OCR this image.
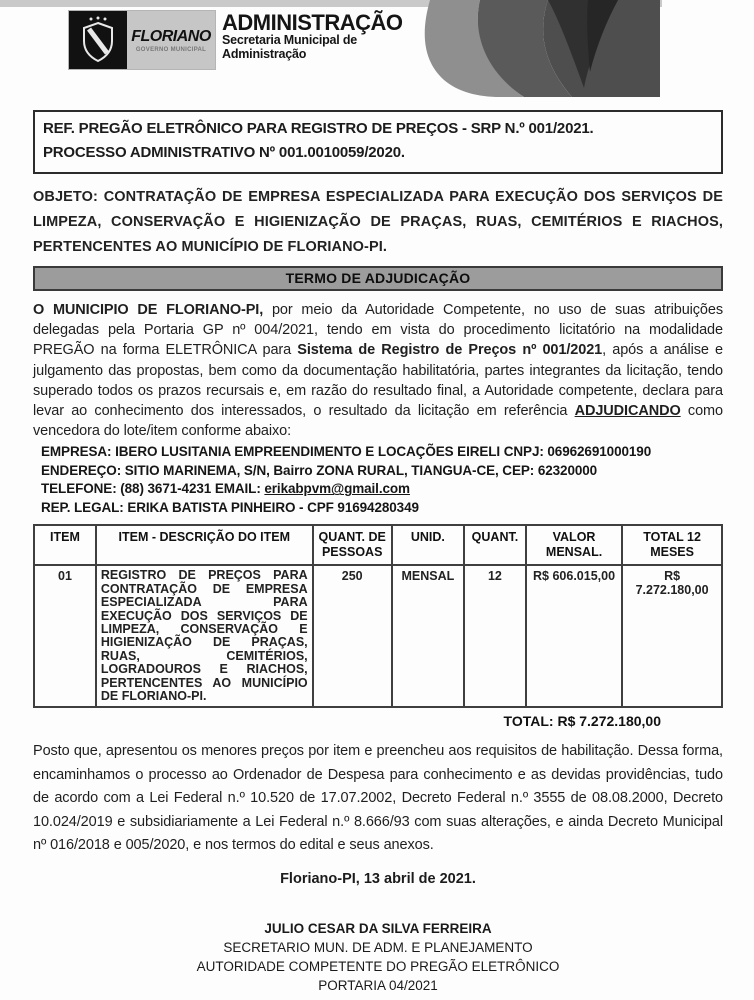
FLORIANO
GOVERNO MUNICIPAL
ADMINISTRAÇÃO
Secretaria Municipal de
Administração
REF. PREGÃO ELETRÔNICO PARA REGISTRO DE PREÇOS - SRP N.º 001/2021.
PROCESSO ADMINISTRATIVO Nº 001.0010059/2020.
OBJETO: CONTRATAÇÃO DE EMPRESA ESPECIALIZADA PARA EXECUÇÃO DOS SERVIÇOS DE LIMPEZA, CONSERVAÇÃO E HIGIENIZAÇÃO DE PRAÇAS, RUAS, CEMITÉRIOS E RIACHOS, PERTENCENTES AO MUNICÍPIO DE FLORIANO-PI.
TERMO DE ADJUDICAÇÃO
O MUNICIPIO DE FLORIANO-PI, por meio da Autoridade Competente, no uso de suas atribuições delegadas pela Portaria GP nº 004/2021, tendo em vista do procedimento licitatório na modalidade PREGÃO na forma ELETRÔNICA para Sistema de Registro de Preços nº 001/2021, após a análise e julgamento das propostas, bem como da documentação habilitatória, partes integrantes da licitação, tendo superado todos os prazos recursais e, em razão do resultado final, a Autoridade competente, declara para levar ao conhecimento dos interessados, o resultado da licitação em referência ADJUDICANDO como vencedora do lote/item conforme abaixo:
EMPRESA: IBERO LUSITANIA EMPREENDIMENTO E LOCAÇÕES EIRELI CNPJ: 06962691000190
ENDEREÇO: SITIO MARINEMA, S/N, Bairro ZONA RURAL, TIANGUA-CE, CEP: 62320000
TELEFONE: (88) 3671-4231 EMAIL: erikabpvm@gmail.com
REP. LEGAL: ERIKA BATISTA PINHEIRO - CPF 91694280349
ITEM	ITEM - DESCRIÇÃO DO ITEM	QUANT. DE PESSOAS	UNID.	QUANT.	VALOR MENSAL.	TOTAL 12 MESES
01	REGISTRO DE PREÇOS PARA CONTRATAÇÃO DE EMPRESA ESPECIALIZADA PARA EXECUÇÃO DOS SERVIÇOS DE LIMPEZA, CONSERVAÇÃO E HIGIENIZAÇÃO DE PRAÇAS, RUAS, CEMITÉRIOS, LOGRADOUROS E RIACHOS, PERTENCENTES AO MUNICÍPIO DE FLORIANO-PI.	250	MENSAL	12	R$ 606.015,00	R$ 7.272.180,00
TOTAL: R$ 7.272.180,00
Posto que, apresentou os menores preços por item e preencheu aos requisitos de habilitação. Dessa forma, encaminhamos o processo ao Ordenador de Despesa para conhecimento e as devidas providências, tudo de acordo com a Lei Federal n.º 10.520 de 17.07.2002, Decreto Federal n.º 3555 de 08.08.2000, Decreto 10.024/2019 e subsidiariamente a Lei Federal n.º 8.666/93 com suas alterações, e ainda Decreto Municipal nº 016/2018 e 005/2020, e nos termos do edital e seus anexos.
Floriano-PI, 13 abril de 2021.
JULIO CESAR DA SILVA FERREIRA
SECRETARIO MUN. DE ADM. E PLANEJAMENTO
AUTORIDADE COMPETENTE DO PREGÃO ELETRÔNICO
PORTARIA 04/2021
